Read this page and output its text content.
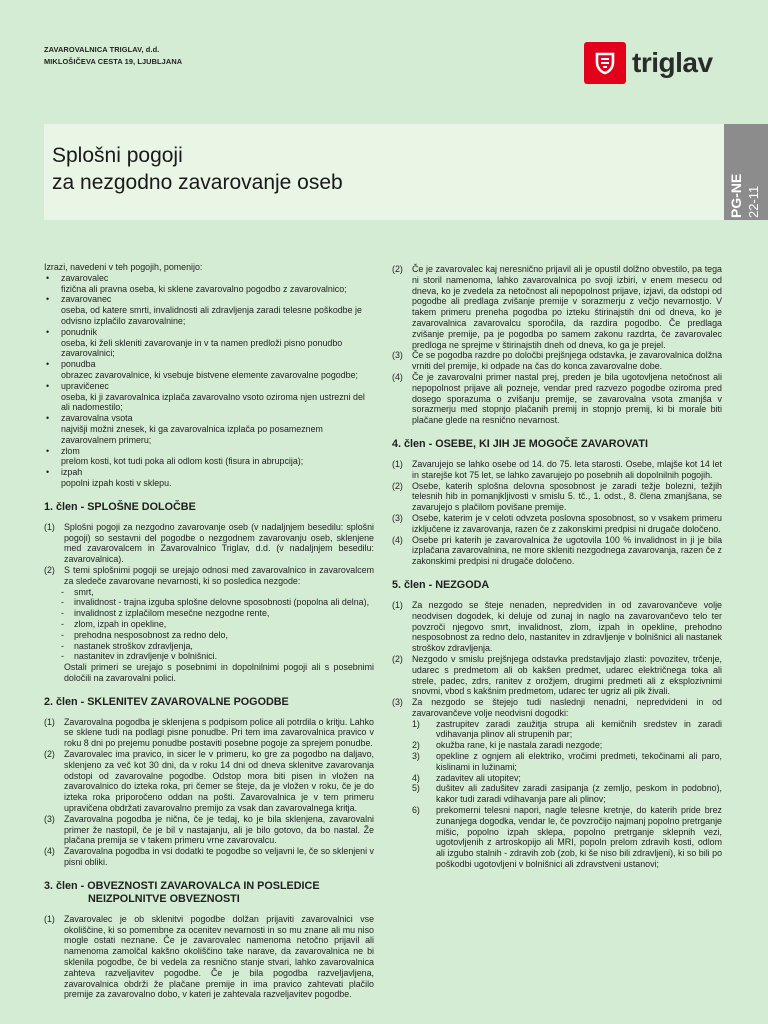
ZAVAROVALNICA TRIGLAV, d.d.
MIKLOŠIČEVA CESTA 19, LJUBLJANA	triglav
Splošni pogoji
za nezgodno zavarovanje oseb	PG-NE 22-11

Izrazi, navedeni v teh pogojih, pomenijo:

• zavarovalec

fizična ali pravna oseba, ki sklene zavarovalno pogodbo z zavarovalnico;

• zavarovanec

oseba, od katere smrti, invalidnosti ali zdravljenja zaradi telesne poškodbe je odvisno izplačilo zavarovalnine;

• ponudnik

oseba, ki želi skleniti zavarovanje in v ta namen predloži pisno ponudbo zavarovalnici;

• ponudba

obrazec zavarovalnice, ki vsebuje bistvene elemente zavarovalne pogodbe;

• upravičenec

oseba, ki ji zavarovalnica izplača zavarovalno vsoto oziroma njen ustrezni del ali nadomestilo;

• zavarovalna vsota

najvišji možni znesek, ki ga zavarovalnica izplača po posameznem zavarovalnem primeru;

• zlom

prelom kosti, kot tudi poka ali odlom kosti (fisura in abrupcija);

• izpah

popolni izpah kosti v sklepu.

1. člen - SPLOŠNE DOLOČBE

(1) Splošni pogoji za nezgodno zavarovanje oseb (v nadaljnjem besedilu: splošni pogoji) so sestavni del pogodbe o nezgodnem zavarovanju oseb, sklenjene med zavarovalcem in Zavarovalnico Triglav, d.d. (v nadaljnjem besedilu: zavarovalnica).

(2) S temi splošnimi pogoji se urejajo odnosi med zavarovalnico in zavarovalcem za sledeče zavarovane nevarnosti, ki so posledica nezgode:

- smrt,

- invalidnost - trajna izguba splošne delovne sposobnosti (popolna ali delna),

- invalidnost z izplačilom mesečne nezgodne rente,

- zlom, izpah in opekline,

- prehodna nesposobnost za redno delo,

- nastanek stroškov zdravljenja,

- nastanitev in zdravljenje v bolnišnici.

Ostali primeri se urejajo s posebnimi in dopolnilnimi pogoji ali s posebnimi določili na zavarovalni polici.

2. člen - SKLENITEV ZAVAROVALNE POGODBE

(1) Zavarovalna pogodba je sklenjena s podpisom police ali potrdila o kritju. Lahko se sklene tudi na podlagi pisne ponudbe. Pri tem ima zavarovalnica pravico v roku 8 dni po prejemu ponudbe postaviti posebne pogoje za sprejem ponudbe.

(2) Zavarovalec ima pravico, in sicer le v primeru, ko gre za pogodbo na daljavo, sklenjeno za več kot 30 dni, da v roku 14 dni od dneva sklenitve zavarovanja odstopi od zavarovalne pogodbe. Odstop mora biti pisen in vložen na zavarovalnico do izteka roka, pri čemer se šteje, da je vložen v roku, če je do izteka roka priporočeno oddan na pošti. Zavarovalnica je v tem primeru upravičena obdržati zavarovalno premijo za vsak dan zavarovalnega kritja.

(3) Zavarovalna pogodba je nična, če je tedaj, ko je bila sklenjena, zavarovalni primer že nastopil, če je bil v nastajanju, ali je bilo gotovo, da bo nastal. Že plačana premija se v takem primeru vrne zavarovalcu.

(4) Zavarovalna pogodba in vsi dodatki te pogodbe so veljavni le, če so sklenjeni v pisni obliki.

3. člen - OBVEZNOSTI ZAVAROVALCA IN POSLEDICE
NEIZPOLNITVE OBVEZNOSTI

(1) Zavarovalec je ob sklenitvi pogodbe dolžan prijaviti zavarovalnici vse okoliščine, ki so pomembne za ocenitev nevarnosti in so mu znane ali mu niso mogle ostati neznane. Če je zavarovalec namenoma netočno prijavil ali namenoma zamolčal kakšno okoliščino take narave, da zavarovalnica ne bi sklenila pogodbe, če bi vedela za resnično stanje stvari, lahko zavarovalnica zahteva razveljavitev pogodbe. Če je bila pogodba razveljavljena, zavarovalnica obdrži že plačane premije in ima pravico zahtevati plačilo premije za zavarovalno dobo, v kateri je zahtevala razveljavitev pogodbe.

(2) Če je zavarovalec kaj neresnično prijavil ali je opustil dolžno obvestilo, pa tega ni storil namenoma, lahko zavarovalnica po svoji izbiri, v enem mesecu od dneva, ko je zvedela za netočnost ali nepopolnost prijave, izjavi, da odstopi od pogodbe ali predlaga zvišanje premije v sorazmerju z večjo nevarnostjo. V takem primeru preneha pogodba po izteku štirinajstih dni od dneva, ko je zavarovalnica zavarovalcu sporočila, da razdira pogodbo. Če predlaga zvišanje premije, pa je pogodba po samem zakonu razdrta, če zavarovalec predloga ne sprejme v štirinajstih dneh od dneva, ko ga je prejel.

(3) Če se pogodba razdre po določbi prejšnjega odstavka, je zavarovalnica dolžna vrniti del premije, ki odpade na čas do konca zavarovalne dobe.

(4) Če je zavarovalni primer nastal prej, preden je bila ugotovljena netočnost ali nepopolnost prijave ali pozneje, vendar pred razvezo pogodbe oziroma pred dosego sporazuma o zvišanju premije, se zavarovalna vsota zmanjša v sorazmerju med stopnjo plačanih premij in stopnjo premij, ki bi morale biti plačane glede na resnično nevarnost.

4. člen - OSEBE, KI JIH JE MOGOČE ZAVAROVATI

(1) Zavarujejo se lahko osebe od 14. do 75. leta starosti. Osebe, mlajše kot 14 let in starejše kot 75 let, se lahko zavarujejo po posebnih ali dopolnilnih pogojih.

(2) Osebe, katerih splošna delovna sposobnost je zaradi težje bolezni, težjih telesnih hib in pomanjkljivosti v smislu 5. tč., 1. odst., 8. člena zmanjšana, se zavarujejo s plačilom povišane premije.

(3) Osebe, katerim je v celoti odvzeta poslovna sposobnost, so v vsakem primeru izključene iz zavarovanja, razen če z zakonskimi predpisi ni drugače določeno.

(4) Osebe pri katerih je zavarovalnica že ugotovila 100 % invalidnost in ji je bila izplačana zavarovalnina, ne more skleniti nezgodnega zavarovanja, razen če z zakonskimi predpisi ni drugače določeno.

5. člen - NEZGODA

(1) Za nezgodo se šteje nenaden, nepredviden in od zavarovančeve volje neodvisen dogodek, ki deluje od zunaj in naglo na zavarovančevo telo ter povzroči njegovo smrt, invalidnost, zlom, izpah in opekline, prehodno nesposobnost za redno delo, nastanitev in zdravljenje v bolnišnici ali nastanek stroškov zdravljenja.

(2) Nezgodo v smislu prejšnjega odstavka predstavljajo zlasti: povozitev, trčenje, udarec s predmetom ali ob kakšen predmet, udarec električnega toka ali strele, padec, zdrs, ranitev z orožjem, drugimi predmeti ali z eksplozivnimi snovmi, vbod s kakšnim predmetom, udarec ter ugriz ali pik živali.

(3) Za nezgodo se štejejo tudi naslednji nenadni, nepredvideni in od zavarovančeve volje neodvisni dogodki:

1) zastrupitev zaradi zaužitja strupa ali kemičnih sredstev in zaradi vdihavanja plinov ali strupenih par;

2) okužba rane, ki je nastala zaradi nezgode;

3) opekline z ognjem ali elektriko, vročimi predmeti, tekočinami ali paro, kislinami in lužinami;

4) zadavitev ali utopitev;

5) dušitev ali zadušitev zaradi zasipanja (z zemljo, peskom in podobno), kakor tudi zaradi vdihavanja pare ali plinov;

6) prekomerni telesni napori, nagle telesne kretnje, do katerih pride brez zunanjega dogodka, vendar le, če povzročijo najmanj popolno pretrganje mišic, popolno izpah sklepa, popolno pretrganje sklepnih vezi, ugotovljenih z artroskopijo ali MRI, popoln prelom zdravih kosti, odlom ali izgubo stalnih - zdravih zob (zob, ki še niso bili zdravljeni), ki so bili po poškodbi ugotovljeni v bolnišnici ali zdravstveni ustanovi;
